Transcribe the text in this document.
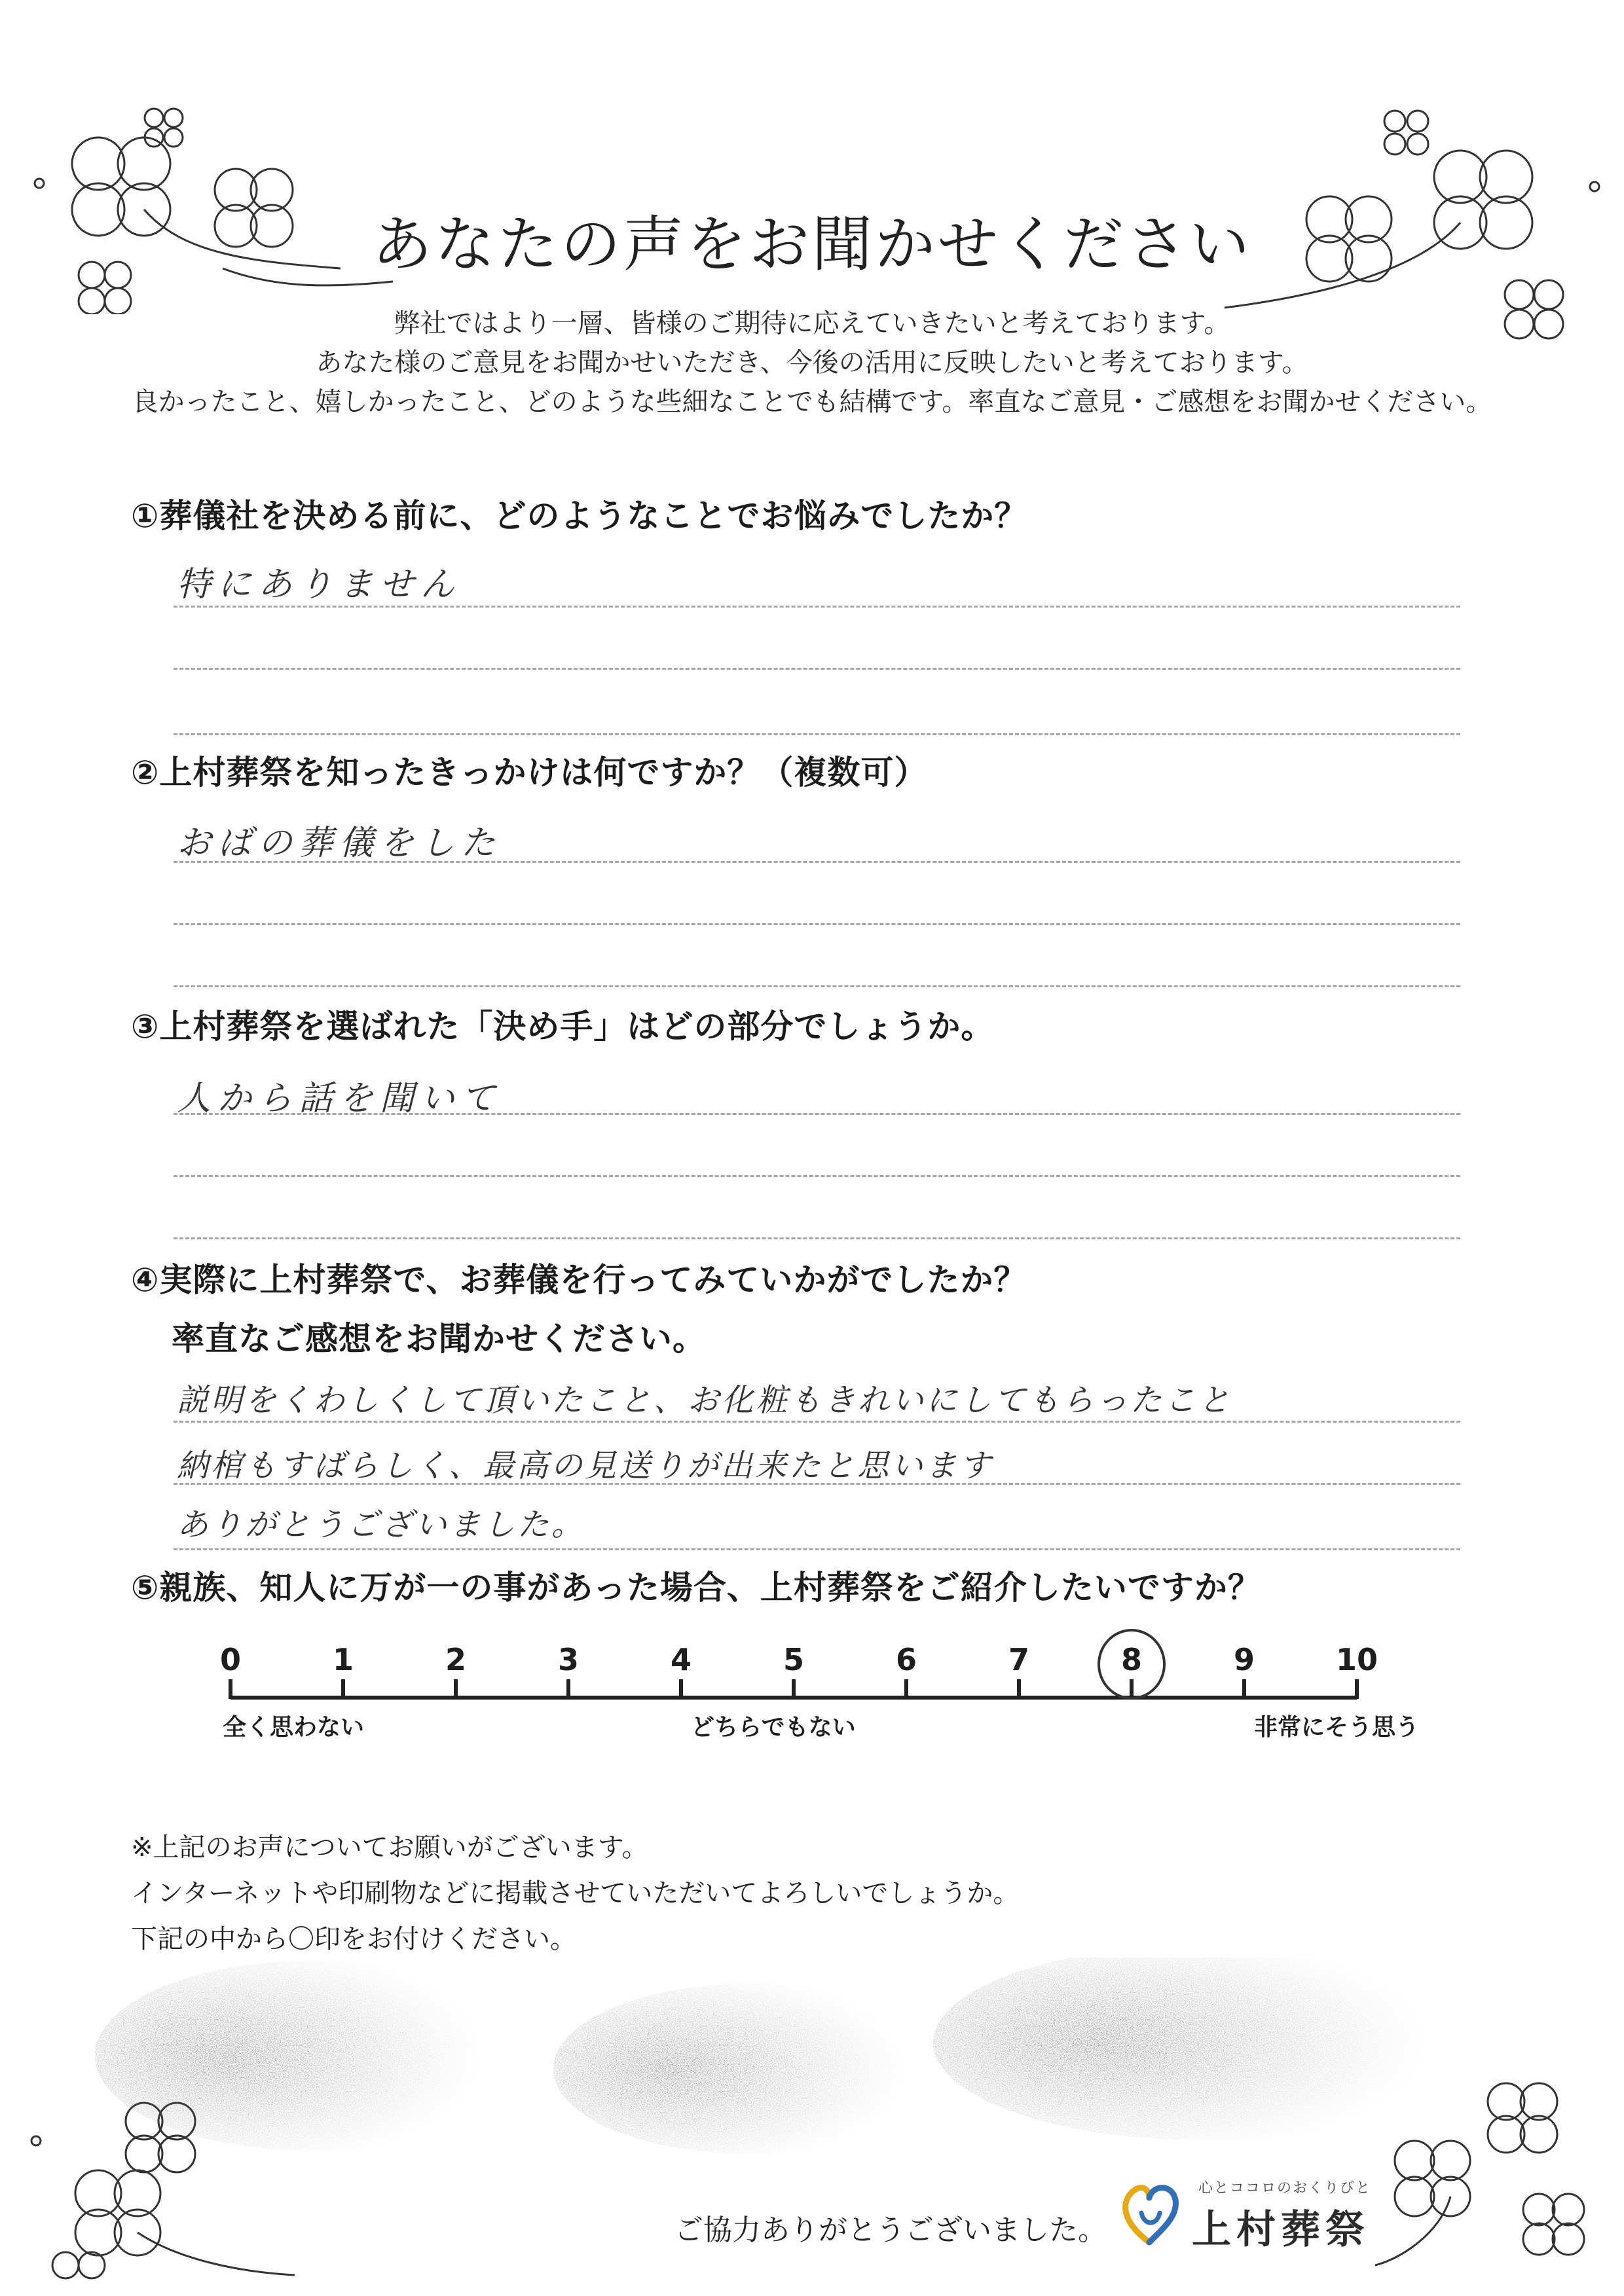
あなたの声をお聞かせください
弊社ではより一層、皆様のご期待に応えていきたいと考えております。
あなた様のご意見をお聞かせいただき、今後の活用に反映したいと考えております。
良かったこと、嬉しかったこと、どのような些細なことでも結構です。率直なご意見・ご感想をお聞かせください。
①葬儀社を決める前に、どのようなことでお悩みでしたか？
特にありません
②上村葬祭を知ったきっかけは何ですか？（複数可）
おばの葬儀をした
③上村葬祭を選ばれた「決め手」はどの部分でしょうか。
人から話を聞いて
④実際に上村葬祭で、お葬儀を行ってみていかがでしたか？
率直なご感想をお聞かせください。
説明をくわしくして頂いたこと、お化粧もきれいにしてもらったこと
納棺もすばらしく、最高の見送りが出来たと思います
ありがとうございました。
⑤親族、知人に万が一の事があった場合、上村葬祭をご紹介したいですか？
0	1	2	3	4	5	6	7	8	9	10
全く思わない	どちらでもない	非常にそう思う
※上記のお声についてお願いがございます。
インターネットや印刷物などに掲載させていただいてよろしいでしょうか。
下記の中から〇印をお付けください。
ご協力ありがとうございました。
心とココロのおくりびと
上村葬祭
